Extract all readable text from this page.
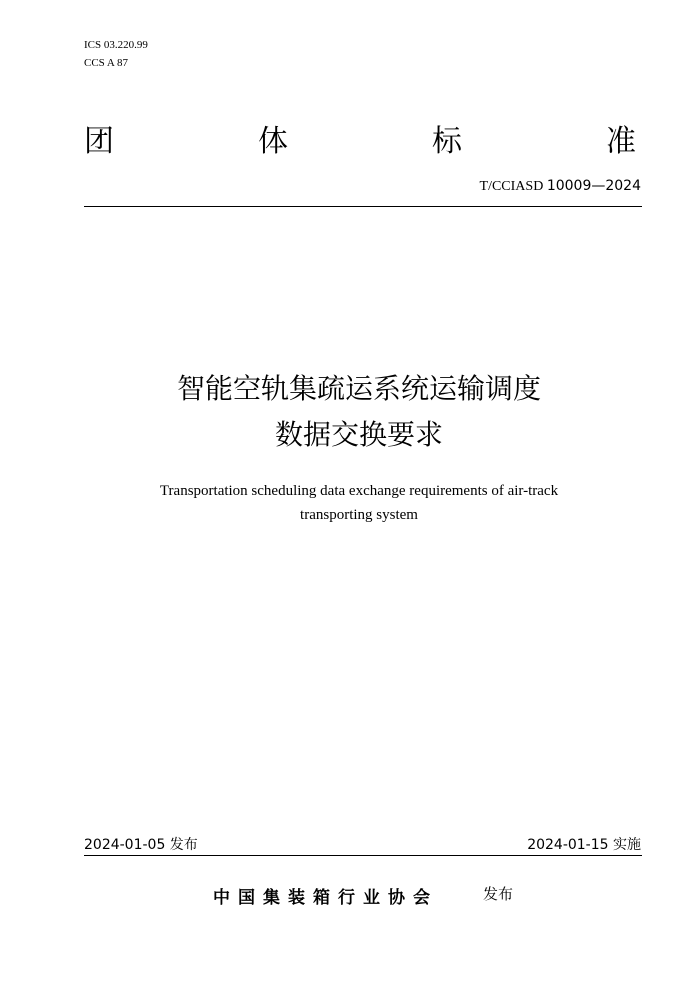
ICS 03.220.99
CCS A 87
团	体	标	准
T/CCIASD 10009—2024
智能空轨集疏运系统运输调度
数据交换要求
Transportation scheduling data exchange requirements of air-track
transporting system
2024-01-05 发布	2024-01-15 实施
中国集装箱行业协会	发布
